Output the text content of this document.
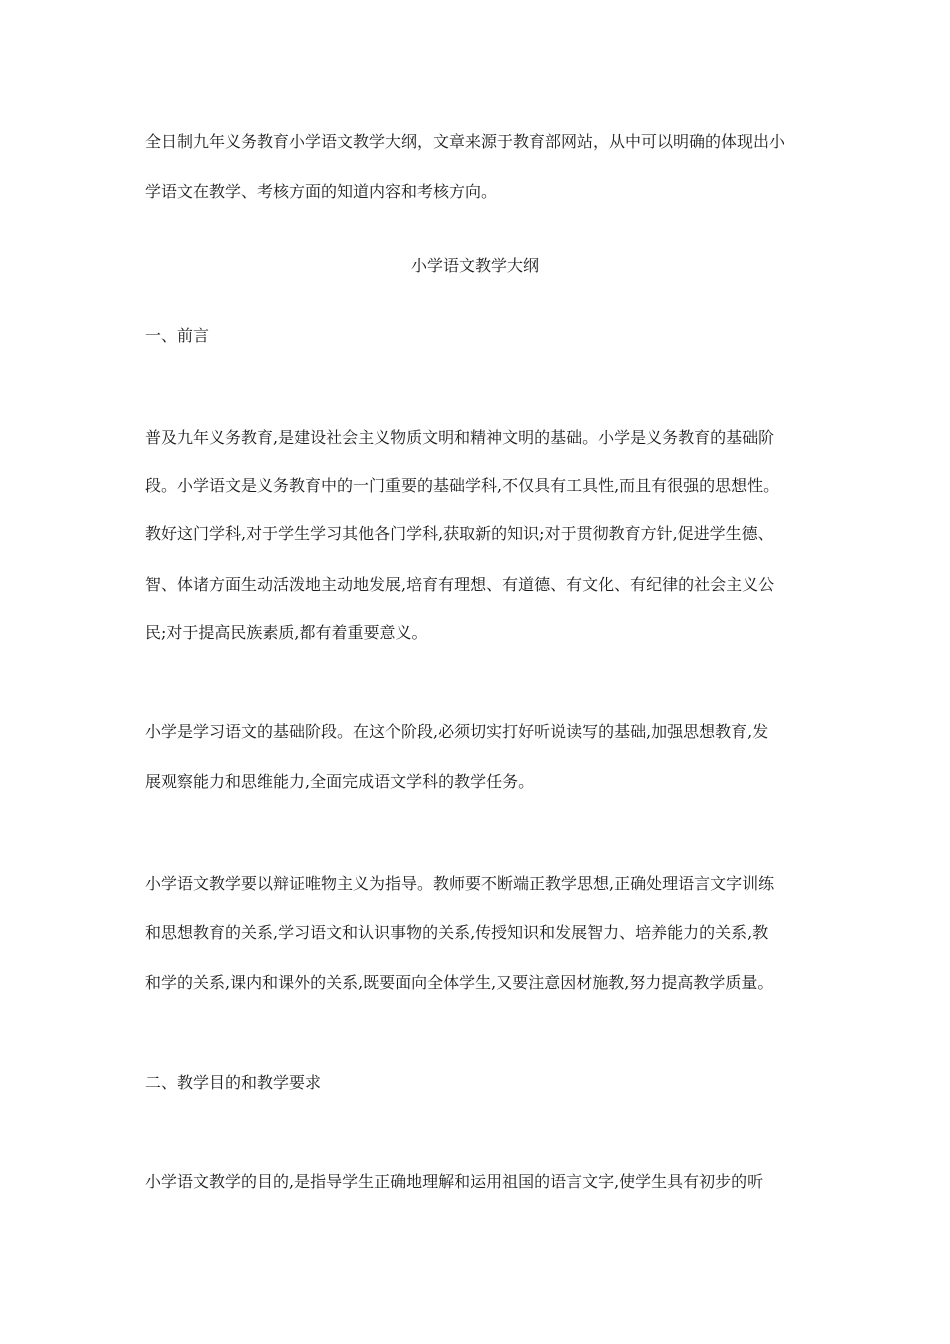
全日制九年义务教育小学语文教学大纲，文章来源于教育部网站，从中可以明确的体现出小
学语文在教学、考核方面的知道内容和考核方向。
小学语文教学大纲
一、前言
普及九年义务教育,是建设社会主义物质文明和精神文明的基础。小学是义务教育的基础阶
段。小学语文是义务教育中的一门重要的基础学科,不仅具有工具性,而且有很强的思想性。
教好这门学科,对于学生学习其他各门学科,获取新的知识;对于贯彻教育方针,促进学生德、
智、体诸方面生动活泼地主动地发展,培育有理想、有道德、有文化、有纪律的社会主义公
民;对于提高民族素质,都有着重要意义。
小学是学习语文的基础阶段。在这个阶段,必须切实打好听说读写的基础,加强思想教育,发
展观察能力和思维能力,全面完成语文学科的教学任务。
小学语文教学要以辩证唯物主义为指导。教师要不断端正教学思想,正确处理语言文字训练
和思想教育的关系,学习语文和认识事物的关系,传授知识和发展智力、培养能力的关系,教
和学的关系,课内和课外的关系,既要面向全体学生,又要注意因材施教,努力提高教学质量。
二、教学目的和教学要求
小学语文教学的目的,是指导学生正确地理解和运用祖国的语言文字,使学生具有初步的听
